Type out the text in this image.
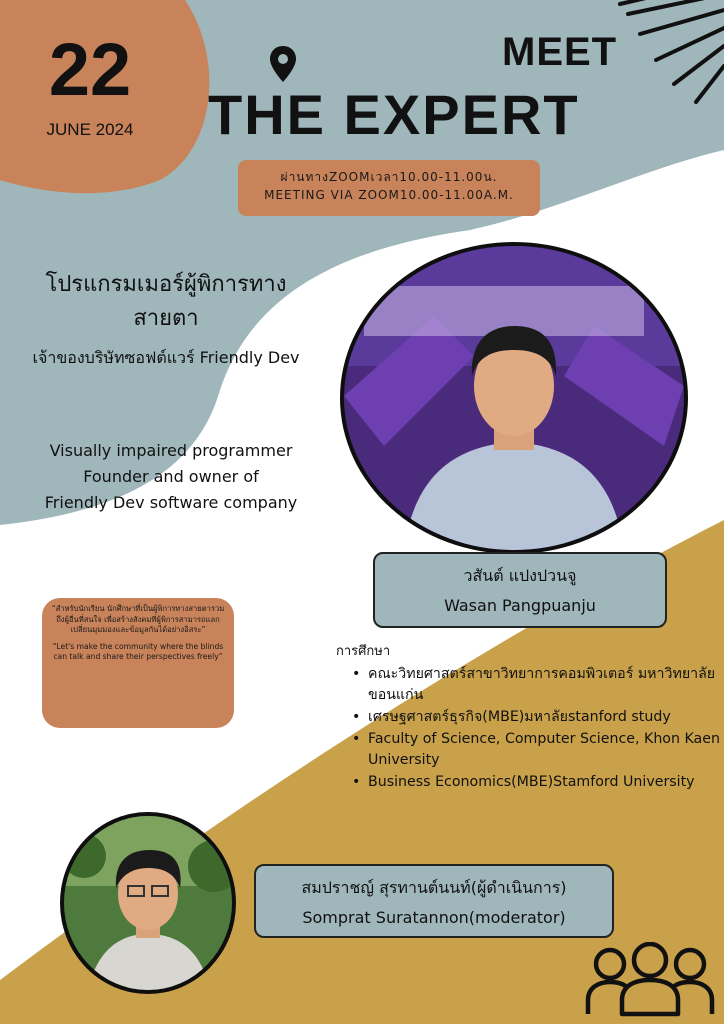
22
JUNE 2024
MEET
THE EXPERT
ผ่านทางZOOMเวลา10.00-11.00น.
MEETING VIA ZOOM10.00-11.00A.M.
โปรแกรมเมอร์ผู้พิการทางสายตา
เจ้าของบริษัทซอฟต์แวร์ Friendly Dev
Visually impaired programmer
Founder and owner of
Friendly Dev software company
วสันต์ แปงปวนจู
Wasan Pangpuanju

“สำหรับนักเรียน นักศึกษาที่เป็นผู้พิการทางสายตารวมถึงผู้อื่นที่สนใจ เพื่อสร้างสังคมที่ผู้พิการสามารถแลกเปลี่ยนมุมมองและข้อมูลกันได้อย่างอิสระ”

“Let's make the community where the blinds can talk and share their perspectives freely”	การศึกษา
• คณะวิทยศาสตร์สาขาวิทยาการคอมพิวเตอร์ มหาวิทยาลัยขอนแก่น
• เศรษฐศาสตร์ธุรกิจ(MBE)มหาลัยstanford study
• Faculty of Science, Computer Science, Khon Kaen University
• Business Economics(MBE)Stamford University
สมปราชญ์ สุรทานต์นนท์(ผู้ดำเนินการ)
Somprat Suratannon(moderator)
